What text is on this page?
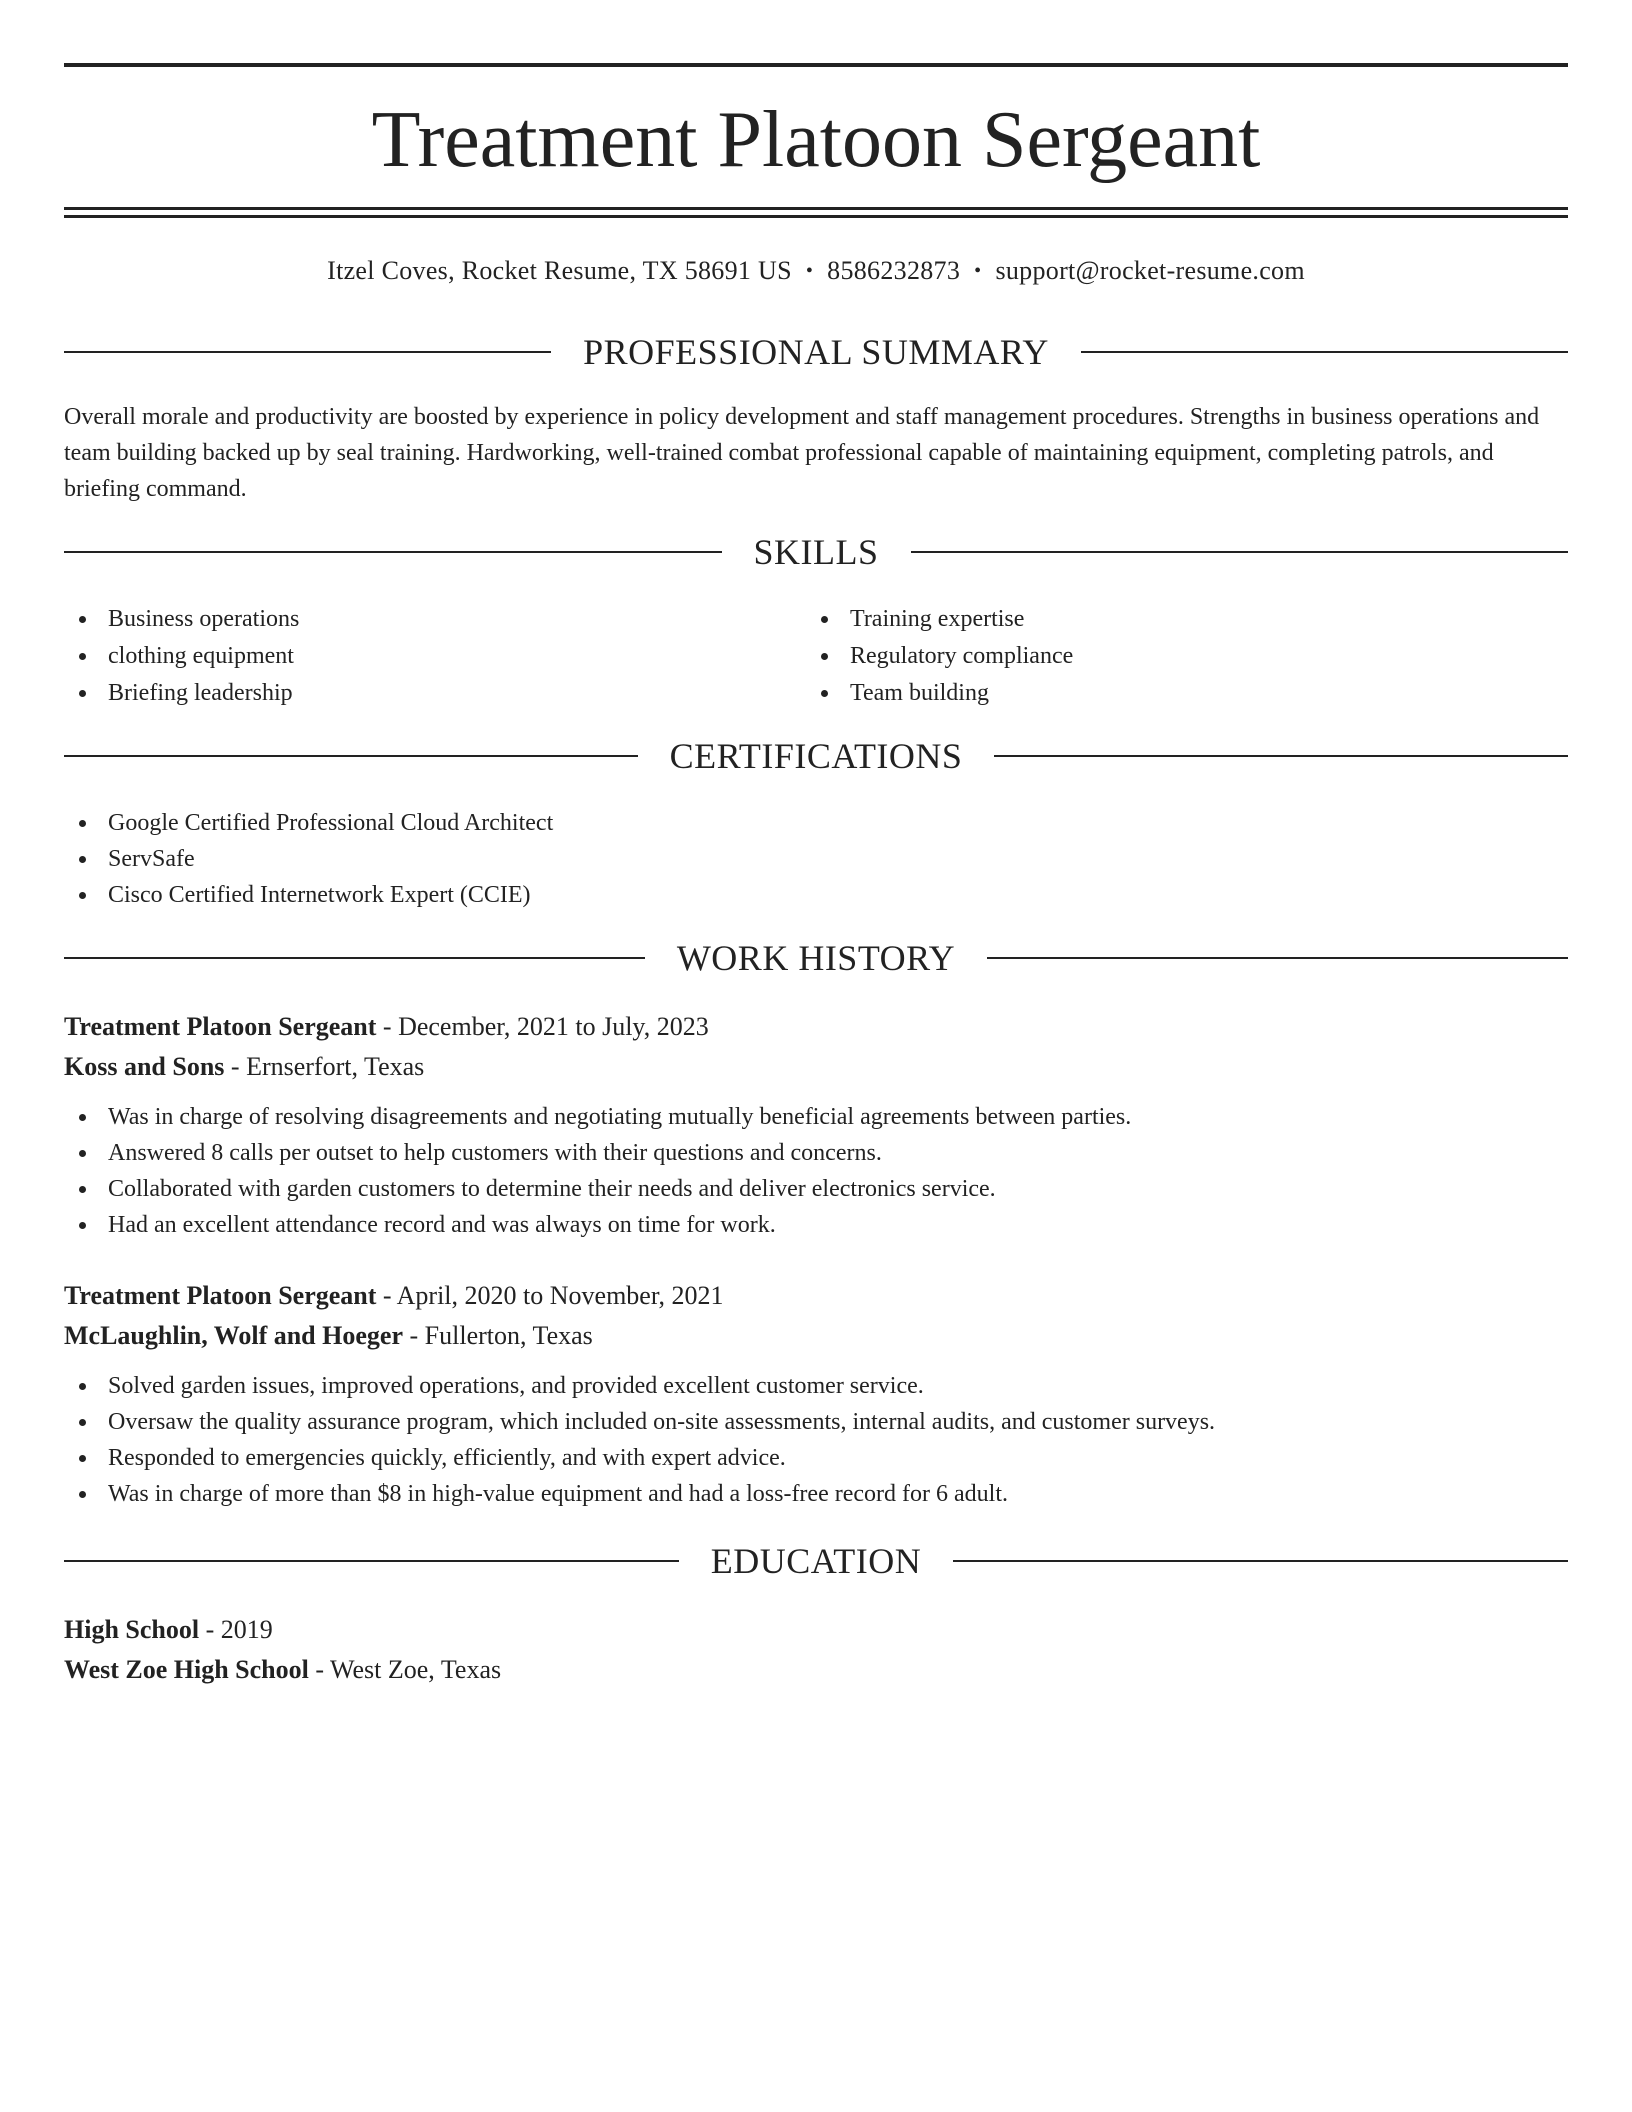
Treatment Platoon Sergeant
Itzel Coves, Rocket Resume, TX 58691 US • 8586232873 • support@rocket-resume.com
PROFESSIONAL SUMMARY

Overall morale and productivity are boosted by experience in policy development and staff management procedures. Strengths in business operations and team building backed up by seal training. Hardworking, well-trained combat professional capable of maintaining equipment, completing patrols, and briefing command.

SKILLS
Business operations
clothing equipment
Briefing leadership
Training expertise
Regulatory compliance
Team building
CERTIFICATIONS
Google Certified Professional Cloud Architect
ServSafe
Cisco Certified Internetwork Expert (CCIE)
WORK HISTORY

Treatment Platoon Sergeant - December, 2021 to July, 2023

Koss and Sons - Ernserfort, Texas

Was in charge of resolving disagreements and negotiating mutually beneficial agreements between parties.
Answered 8 calls per outset to help customers with their questions and concerns.
Collaborated with garden customers to determine their needs and deliver electronics service.
Had an excellent attendance record and was always on time for work.

Treatment Platoon Sergeant - April, 2020 to November, 2021

McLaughlin, Wolf and Hoeger - Fullerton, Texas

Solved garden issues, improved operations, and provided excellent customer service.
Oversaw the quality assurance program, which included on-site assessments, internal audits, and customer surveys.
Responded to emergencies quickly, efficiently, and with expert advice.
Was in charge of more than $8 in high-value equipment and had a loss-free record for 6 adult.
EDUCATION

High School - 2019

West Zoe High School - West Zoe, Texas
